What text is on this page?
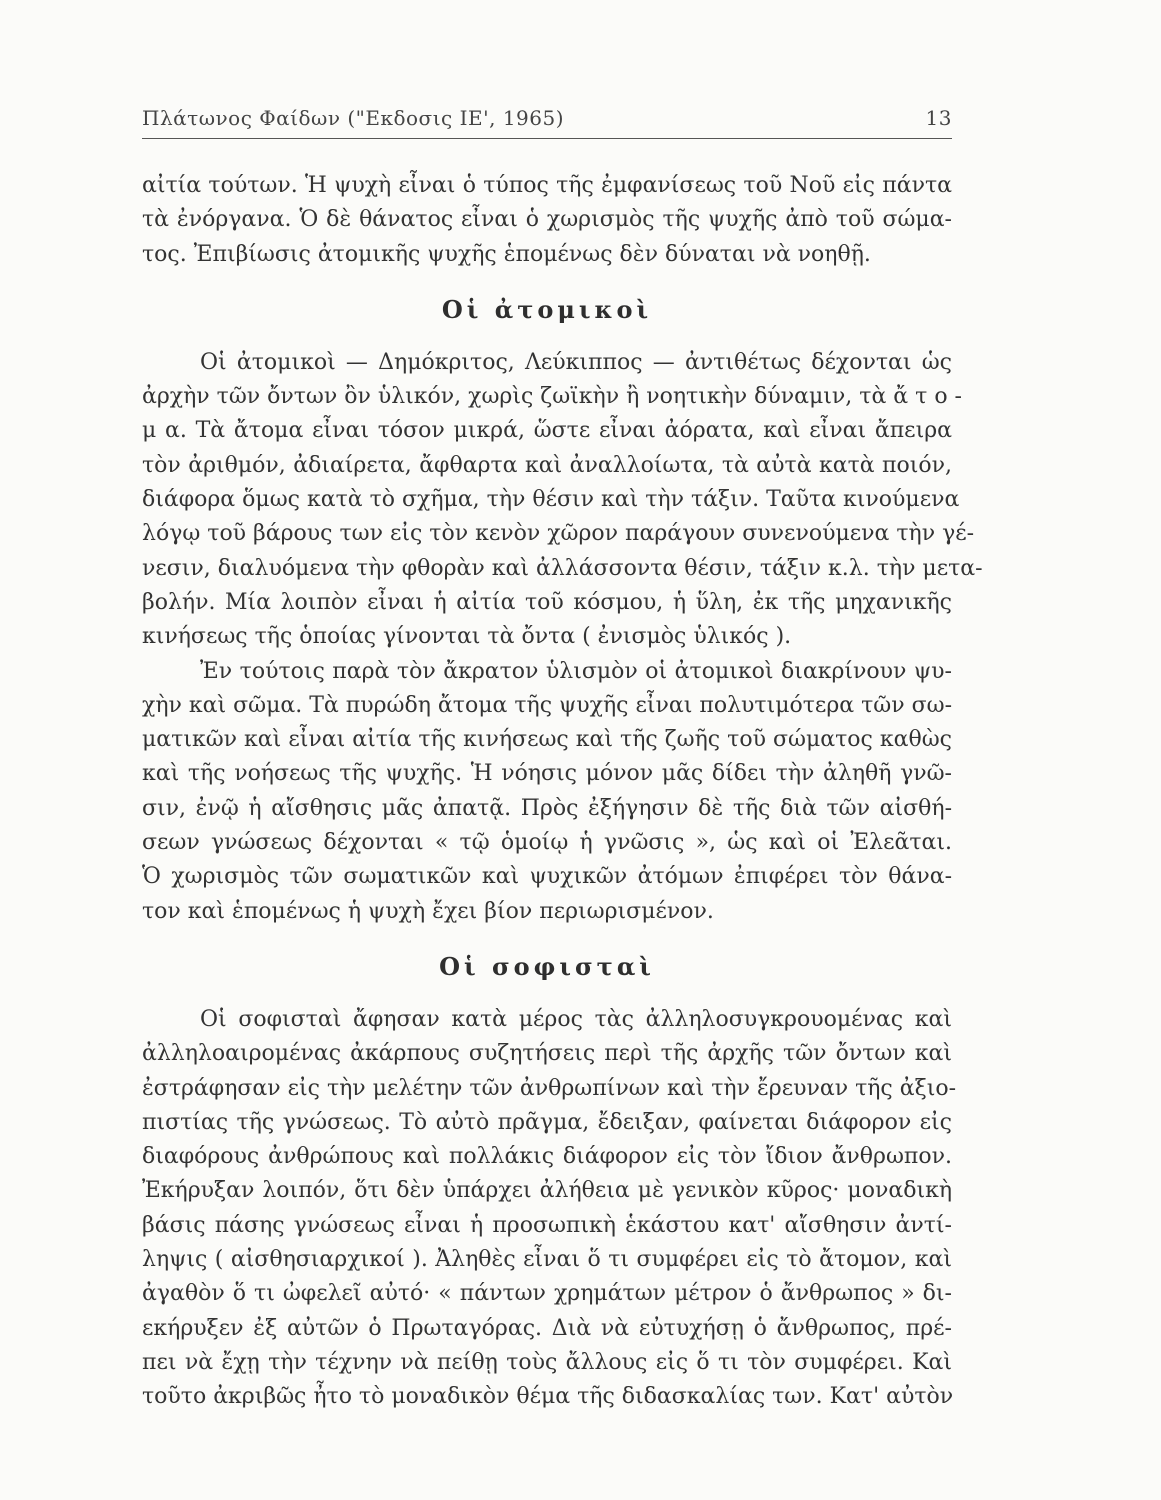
Πλάτωνος Φαίδων ("Εκδοσις ΙΕ', 1965)	13
αἰτία τούτων. Ἡ ψυχὴ εἶναι ὁ τύπος τῆς ἐμφανίσεως τοῦ Νοῦ εἰς πάντα
τὰ ἐνόργανα. Ὁ δὲ θάνατος εἶναι ὁ χωρισμὸς τῆς ψυχῆς ἀπὸ τοῦ σώμα-
τος. Ἐπιβίωσις ἀτομικῆς ψυχῆς ἑπομένως δὲν δύναται νὰ νοηθῇ.
Οἱ ἀτομικοὶ
Οἱ ἀτομικοὶ — Δημόκριτος, Λεύκιππος — ἀντιθέτως δέχονται ὡς
ἀρχὴν τῶν ὄντων ὂν ὑλικόν, χωρὶς ζωϊκὴν ἢ νοητικὴν δύναμιν, τὰ ἄ τ ο -
μ α. Τὰ ἄτομα εἶναι τόσον μικρά, ὥστε εἶναι ἀόρατα, καὶ εἶναι ἄπειρα
τὸν ἀριθμόν, ἀδιαίρετα, ἄφθαρτα καὶ ἀναλλοίωτα, τὰ αὐτὰ κατὰ ποιόν,
διάφορα ὅμως κατὰ τὸ σχῆμα, τὴν θέσιν καὶ τὴν τάξιν. Ταῦτα κινούμενα
λόγῳ τοῦ βάρους των εἰς τὸν κενὸν χῶρον παράγουν συνενούμενα τὴν γέ-
νεσιν, διαλυόμενα τὴν φθορὰν καὶ ἀλλάσσοντα θέσιν, τάξιν κ.λ. τὴν μετα-
βολήν. Μία λοιπὸν εἶναι ἡ αἰτία τοῦ κόσμου, ἡ ὕλη, ἐκ τῆς μηχανικῆς
κινήσεως τῆς ὁποίας γίνονται τὰ ὄντα ( ἐνισμὸς ὑλικός ).
Ἐν τούτοις παρὰ τὸν ἄκρατον ὑλισμὸν οἱ ἀτομικοὶ διακρίνουν ψυ-
χὴν καὶ σῶμα. Τὰ πυρώδη ἄτομα τῆς ψυχῆς εἶναι πολυτιμότερα τῶν σω-
ματικῶν καὶ εἶναι αἰτία τῆς κινήσεως καὶ τῆς ζωῆς τοῦ σώματος καθὼς
καὶ τῆς νοήσεως τῆς ψυχῆς. Ἡ νόησις μόνον μᾶς δίδει τὴν ἀληθῆ γνῶ-
σιν, ἐνῷ ἡ αἴσθησις μᾶς ἀπατᾷ. Πρὸς ἐξήγησιν δὲ τῆς διὰ τῶν αἰσθή-
σεων γνώσεως δέχονται « τῷ ὁμοίῳ ἡ γνῶσις », ὡς καὶ οἱ Ἐλεᾶται.
Ὁ χωρισμὸς τῶν σωματικῶν καὶ ψυχικῶν ἀτόμων ἐπιφέρει τὸν θάνα-
τον καὶ ἑπομένως ἡ ψυχὴ ἔχει βίον περιωρισμένον.
Οἱ σοφισταὶ
Οἱ σοφισταὶ ἄφησαν κατὰ μέρος τὰς ἀλληλοσυγκρουομένας καὶ
ἀλληλοαιρομένας ἀκάρπους συζητήσεις περὶ τῆς ἀρχῆς τῶν ὄντων καὶ
ἐστράφησαν εἰς τὴν μελέτην τῶν ἀνθρωπίνων καὶ τὴν ἔρευναν τῆς ἀξιο-
πιστίας τῆς γνώσεως. Τὸ αὐτὸ πρᾶγμα, ἔδειξαν, φαίνεται διάφορον εἰς
διαφόρους ἀνθρώπους καὶ πολλάκις διάφορον εἰς τὸν ἴδιον ἄνθρωπον.
Ἐκήρυξαν λοιπόν, ὅτι δὲν ὑπάρχει ἀλήθεια μὲ γενικὸν κῦρος· μοναδικὴ
βάσις πάσης γνώσεως εἶναι ἡ προσωπικὴ ἑκάστου κατ' αἴσθησιν ἀντί-
ληψις ( αἰσθησιαρχικοί ). Ἀληθὲς εἶναι ὅ τι συμφέρει εἰς τὸ ἄτομον, καὶ
ἀγαθὸν ὅ τι ὠφελεῖ αὐτό· « πάντων χρημάτων μέτρον ὁ ἄνθρωπος » δι-
εκήρυξεν ἐξ αὐτῶν ὁ Πρωταγόρας. Διὰ νὰ εὐτυχήσῃ ὁ ἄνθρωπος, πρέ-
πει νὰ ἔχῃ τὴν τέχνην νὰ πείθῃ τοὺς ἄλλους εἰς ὅ τι τὸν συμφέρει. Καὶ
τοῦτο ἀκριβῶς ἦτο τὸ μοναδικὸν θέμα τῆς διδασκαλίας των. Κατ' αὐτὸν
